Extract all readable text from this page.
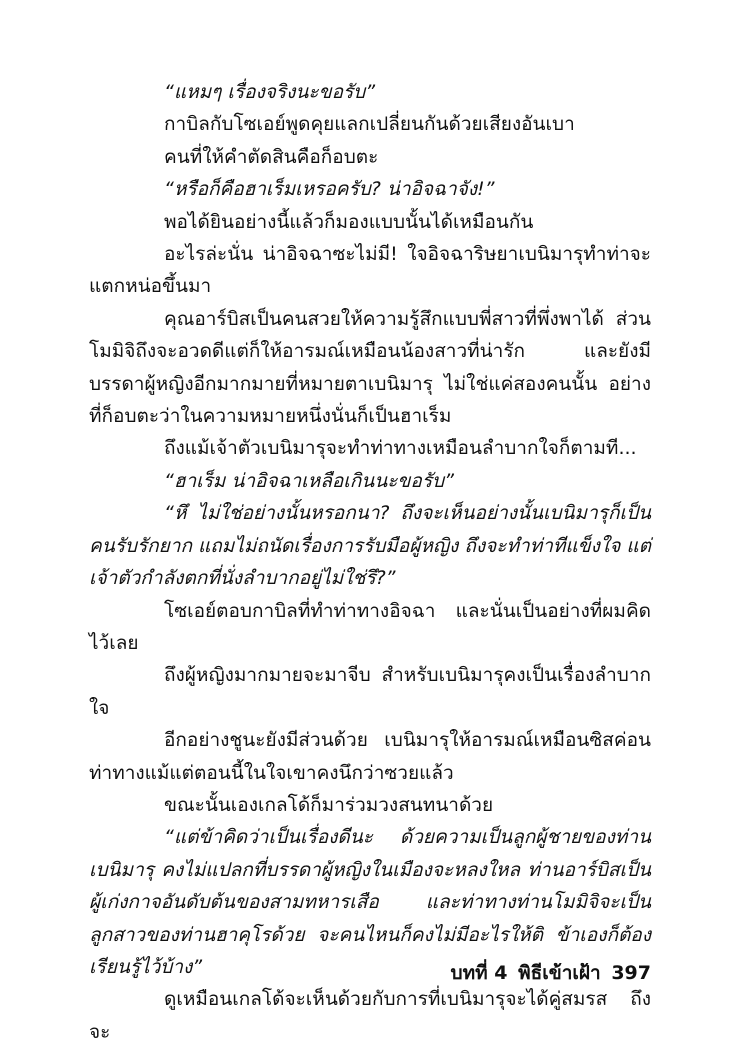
“แหมๆ เรื่องจริงนะขอรับ”

กาบิลกับโซเอย์พูดคุยแลกเปลี่ยนกันด้วยเสียงอันเบา

คนที่ให้คำตัดสินคือก็อบตะ

“หรือก็คือฮาเร็มเหรอครับ? น่าอิจฉาจัง!”

พอได้ยินอย่างนี้แล้วก็มองแบบนั้นได้เหมือนกัน

อะไรล่ะนั่น น่าอิจฉาซะไม่มี! ใจอิจฉาริษยาเบนิมารุทำท่าจะแตกหน่อขึ้นมา

คุณอาร์บิสเป็นคนสวยให้ความรู้สึกแบบพี่สาวที่พึ่งพาได้ ส่วนโมมิจิถึงจะอวดดีแต่ก็ให้อารมณ์เหมือนน้องสาวที่น่ารัก และยังมีบรรดาผู้หญิงอีกมากมายที่หมายตาเบนิมารุ ไม่ใช่แค่สองคนนั้น อย่างที่ก็อบตะว่าในความหมายหนึ่งนั่นก็เป็นฮาเร็ม

ถึงแม้เจ้าตัวเบนิมารุจะทำท่าทางเหมือนลำบากใจก็ตามที...

“ฮาเร็ม น่าอิจฉาเหลือเกินนะขอรับ”

“หึ ไม่ใช่อย่างนั้นหรอกนา? ถึงจะเห็นอย่างนั้นเบนิมารุก็เป็นคนรับรักยาก แถมไม่ถนัดเรื่องการรับมือผู้หญิง ถึงจะทำท่าทีแข็งใจ แต่เจ้าตัวกำลังตกที่นั่งลำบากอยู่ไม่ใช่รึ?”

โซเอย์ตอบกาบิลที่ทำท่าทางอิจฉา และนั่นเป็นอย่างที่ผมคิดไว้เลย

ถึงผู้หญิงมากมายจะมาจีบ สำหรับเบนิมารุคงเป็นเรื่องลำบากใจ

อีกอย่างชูนะยังมีส่วนด้วย เบนิมารุให้อารมณ์เหมือนซิสค่อนท่าทางแม้แต่ตอนนี้ในใจเขาคงนึกว่าซวยแล้ว

ขณะนั้นเองเกลโด้ก็มาร่วมวงสนทนาด้วย

“แต่ข้าคิดว่าเป็นเรื่องดีนะ ด้วยความเป็นลูกผู้ชายของท่านเบนิมารุ คงไม่แปลกที่บรรดาผู้หญิงในเมืองจะหลงใหล ท่านอาร์บิสเป็นผู้เก่งกาจอันดับต้นของสามทหารเสือ และท่าทางท่านโมมิจิจะเป็นลูกสาวของท่านฮาคุโรด้วย จะคนไหนก็คงไม่มีอะไรให้ติ ข้าเองก็ต้องเรียนรู้ไว้บ้าง”

ดูเหมือนเกลโด้จะเห็นด้วยกับการที่เบนิมารุจะได้คู่สมรส ถึงจะ

บทที่ 4 พิธีเข้าเฝ้า 397
